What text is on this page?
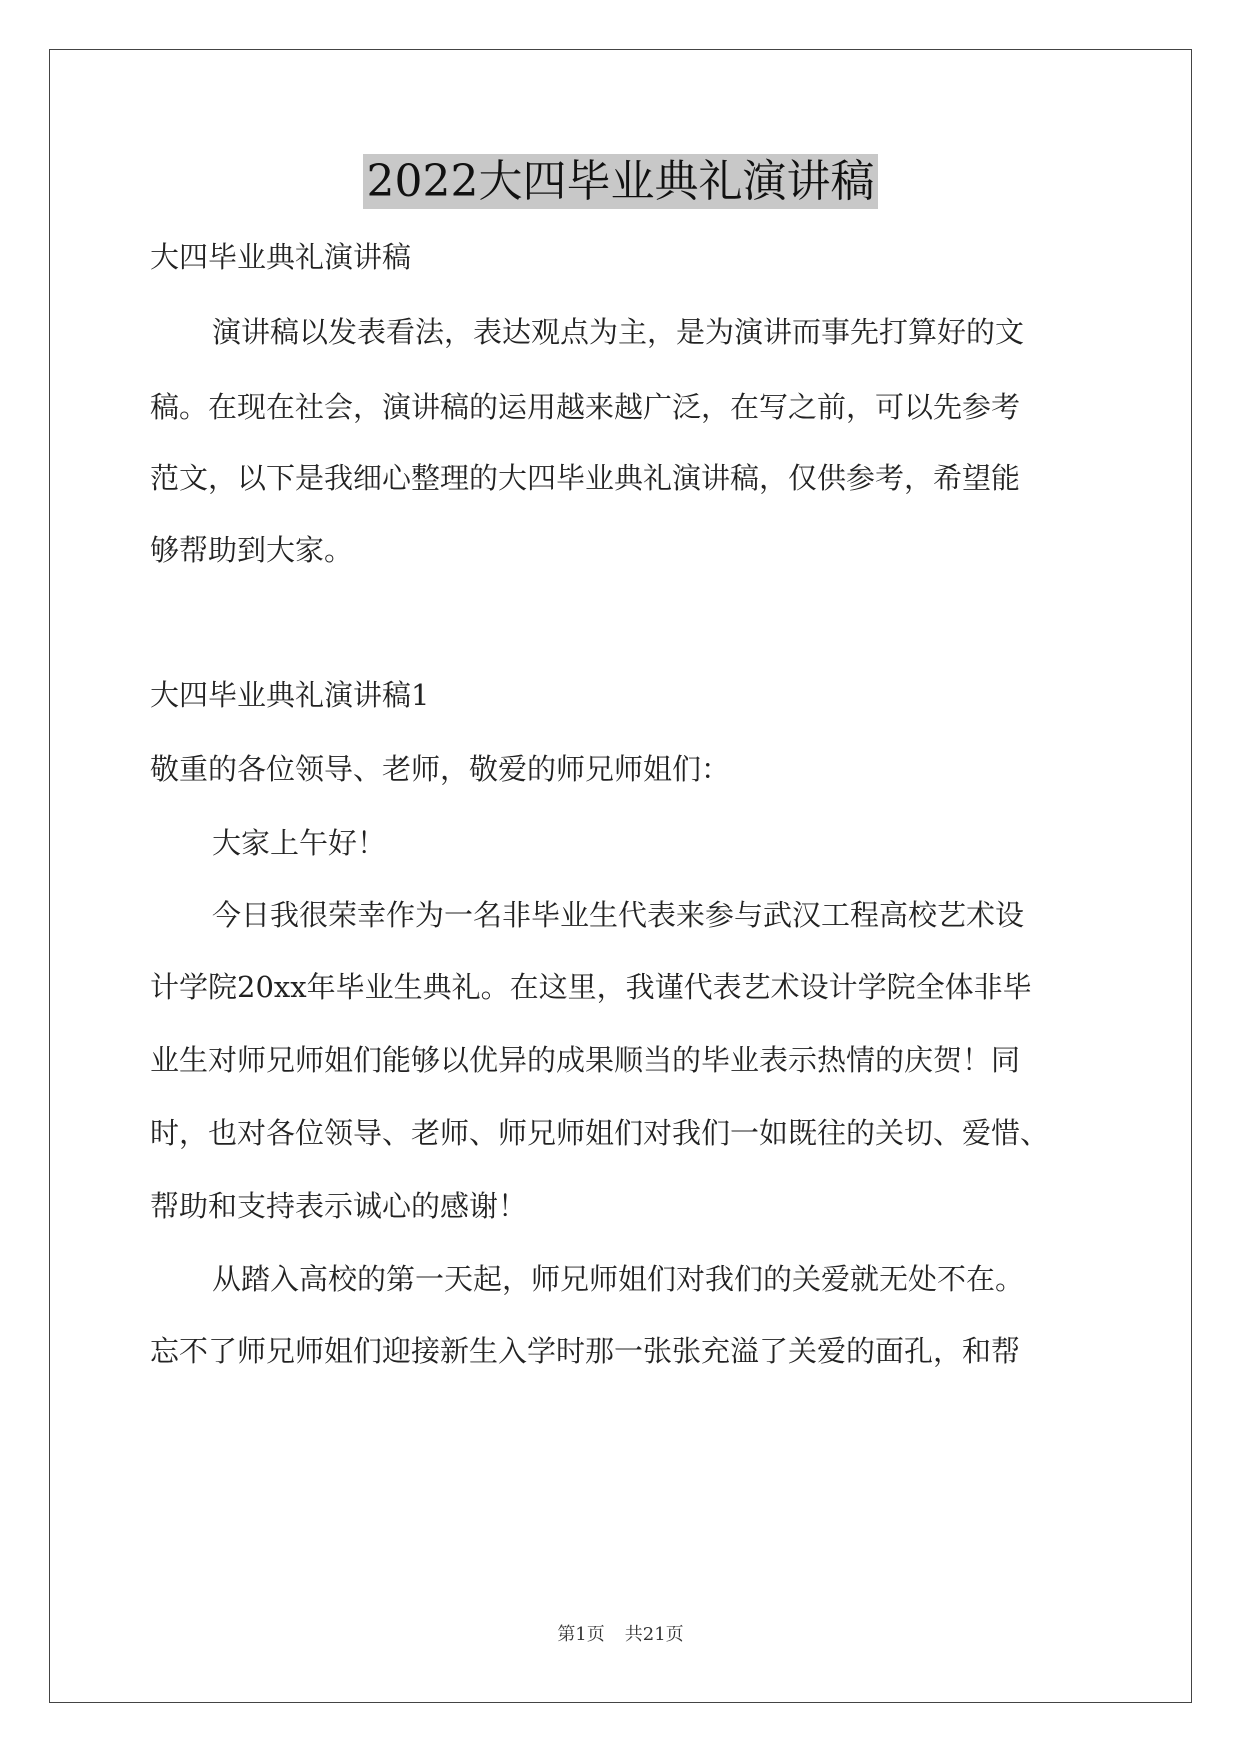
2022大四毕业典礼演讲稿
大四毕业典礼演讲稿
演讲稿以发表看法，表达观点为主，是为演讲而事先打算好的文
稿。在现在社会，演讲稿的运用越来越广泛，在写之前，可以先参考
范文，以下是我细心整理的大四毕业典礼演讲稿，仅供参考，希望能
够帮助到大家。
大四毕业典礼演讲稿1
敬重的各位领导、老师，敬爱的师兄师姐们：
大家上午好！
今日我很荣幸作为一名非毕业生代表来参与武汉工程高校艺术设
计学院20xx年毕业生典礼。在这里，我谨代表艺术设计学院全体非毕
业生对师兄师姐们能够以优异的成果顺当的毕业表示热情的庆贺！同
时，也对各位领导、老师、师兄师姐们对我们一如既往的关切、爱惜、
帮助和支持表示诚心的感谢！
从踏入高校的第一天起，师兄师姐们对我们的关爱就无处不在。
忘不了师兄师姐们迎接新生入学时那一张张充溢了关爱的面孔，和帮
第1页 共21页
